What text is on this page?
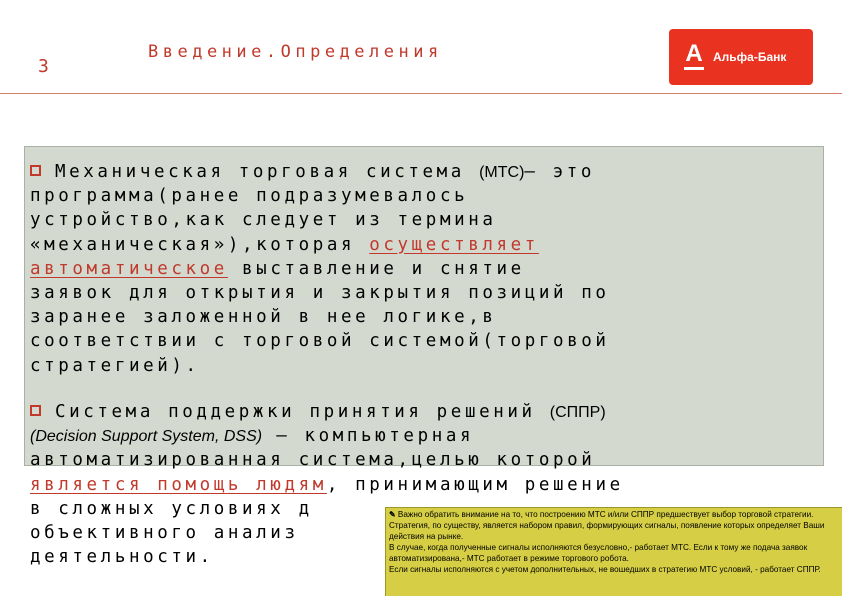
3
Введение.Определения	А Альфа-Банк
Механическая торговая система (МТС)— это
программа(ранее подразумевалось
устройство,как следует из термина
«механическая»),которая осуществляет
автоматическое выставление и снятие
заявок для открытия и закрытия позиций по
заранее заложенной в нее логике,в
соответствии с торговой системой(торговой
стратегией).
Система поддержки принятия решений (СППР)
(Decision Support System, DSS) — компьютерная
автоматизированная система,целью которой
является помощь людям, принимающим решение
в сложных условиях д
объективного анализ
деятельности.

✎ Важно обратить внимание на то, что построению МТС и/или СППР предшествует выбор торговой стратегии. Стратегия, по существу, является набором правил, формирующих сигналы, появление которых определяет Ваши действия на рынке.

В случае, когда полученные сигналы исполняются безусловно,- работает МТС. Если к тому же подача заявок автоматизирована,- МТС работает в режиме торгового робота.

Если сигналы исполняются с учетом дополнительных, не вошедших в стратегию МТС условий, - работает СППР.
